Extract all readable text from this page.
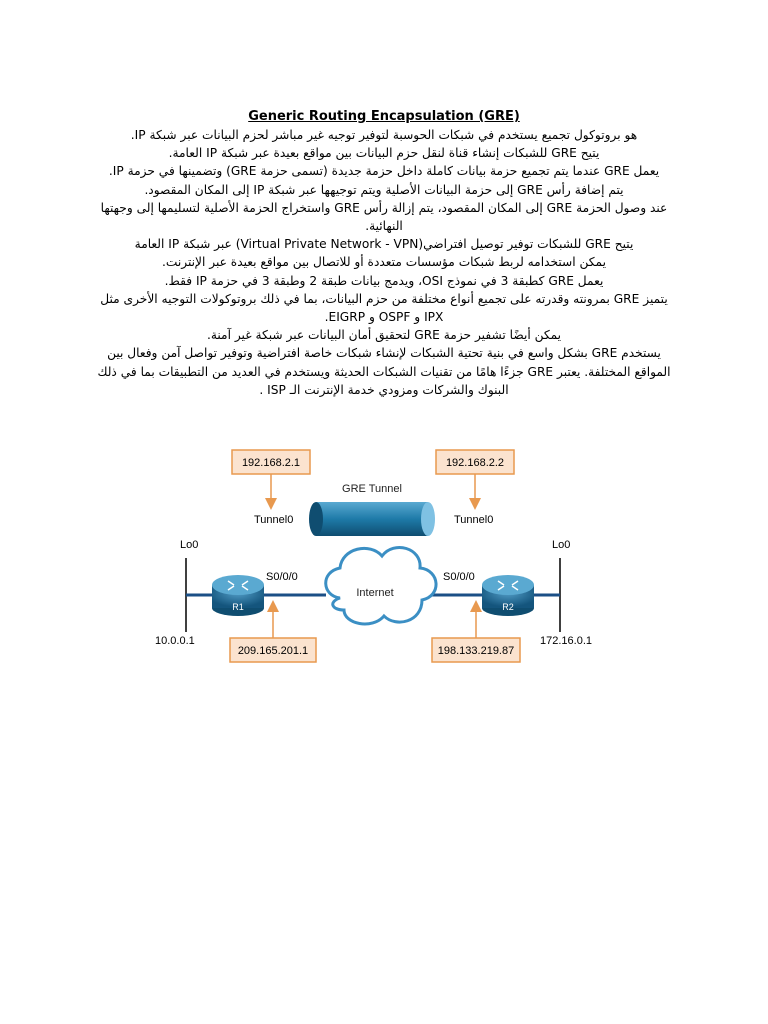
Generic Routing Encapsulation (GRE)

هو بروتوكول تجميع يستخدم في شبكات الحوسبة لتوفير توجيه غير مباشر لحزم البيانات عبر شبكة IP.

يتيح GRE للشبكات إنشاء قناة لنقل حزم البيانات بين مواقع بعيدة عبر شبكة IP العامة.

يعمل GRE عندما يتم تجميع حزمة بيانات كاملة داخل حزمة جديدة (تسمى حزمة GRE) وتضمينها في حزمة IP.

يتم إضافة رأس GRE إلى حزمة البيانات الأصلية ويتم توجيهها عبر شبكة IP إلى المكان المقصود.

عند وصول الحزمة GRE إلى المكان المقصود، يتم إزالة رأس GRE واستخراج الحزمة الأصلية لتسليمها إلى وجهتها النهائية.

يتيح GRE للشبكات توفير توصيل افتراضي(Virtual Private Network - VPN) عبر شبكة IP العامة

يمكن استخدامه لربط شبكات مؤسسات متعددة أو للاتصال بين مواقع بعيدة عبر الإنترنت.

يعمل GRE كطبقة 3 في نموذج OSI، ويدمج بيانات طبقة 2 وطبقة 3 في حزمة IP فقط.

يتميز GRE بمرونته وقدرته على تجميع أنواع مختلفة من حزم البيانات، بما في ذلك بروتوكولات التوجيه الأخرى مثل IPX و OSPF و EIGRP.

يمكن أيضًا تشفير حزمة GRE لتحقيق أمان البيانات عبر شبكة غير آمنة.

يستخدم GRE بشكل واسع في بنية تحتية الشبكات لإنشاء شبكات خاصة افتراضية وتوفير تواصل آمن وفعال بين المواقع المختلفة. يعتبر GRE جزءًا هامًا من تقنيات الشبكات الحديثة ويستخدم في العديد من التطبيقات بما في ذلك البنوك والشركات ومزودي خدمة الإنترنت الـ ISP .

GRE Tunnel
Internet
R1	R2
Lo0
10.0.0.1
S0/0/0
Tunnel0
Lo0
172.16.0.1
S0/0/0
Tunnel0
192.168.2.1	192.168.2.2
209.165.201.1	198.133.219.87
